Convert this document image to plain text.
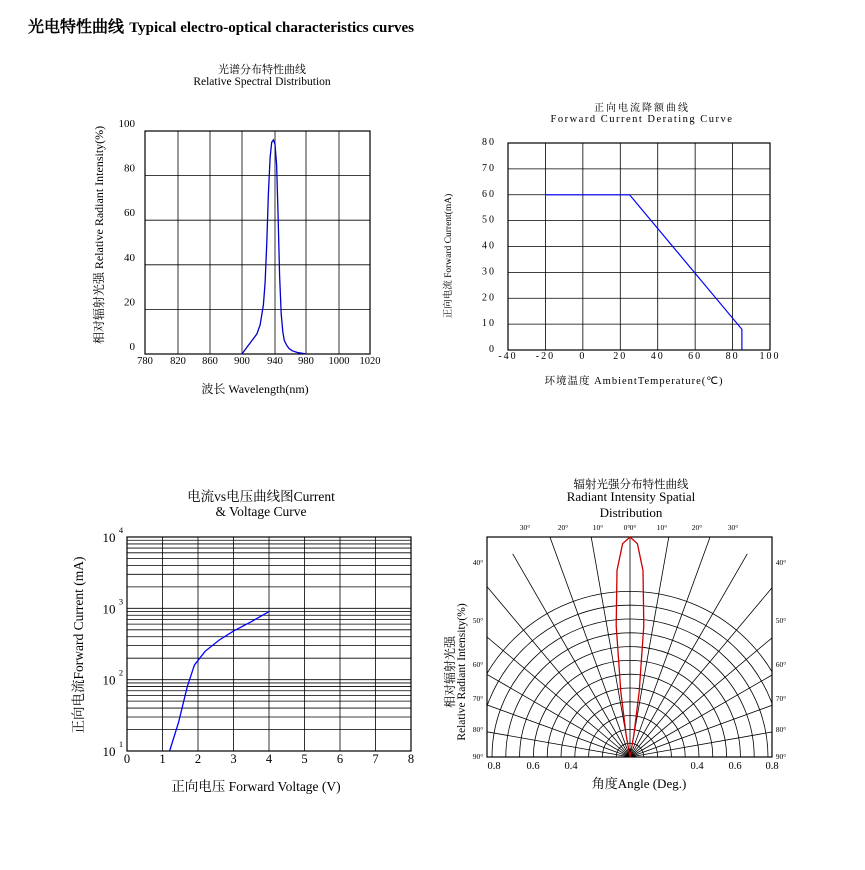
光电特性曲线 Typical electro-optical characteristics curves
780 820 860 900 940 980 1000 1020
0
20
40
60
80
100
光谱分布特性曲线
Relative Spectral Distribution
波长 Wavelength(nm)
相对辐射光强 Relative Radiant Intensity(%)
-40 -20 0	20 40 60 80 100
0
10
20
30
40
50
60
70
80
正向电流降额曲线
Forward Current Derating Curve
环境温度 AmbientTemperature(℃)
正向电流 Forward Current(mA)
0 1 2 3 4 5 6 7 8
10 1
10 2
10 3
10 4
电流vs电压曲线图Current
& Voltage Curve
正向电压 Forward Voltage (V)
正向电流Forward Current (mA)
30°	20°	10°	0° 0°	10°	20°	30°
40°	40°
50°	50°
60°	60°
70°	70°
80°	80°
90°	90°
0.8 0.6 0.4	0.4 0.6 0.8
辐射光强分布特性曲线
Radiant Intensity Spatial
Distribution
角度Angle (Deg.)
相对辐射光强 Relative Radiant Intensity(%)
